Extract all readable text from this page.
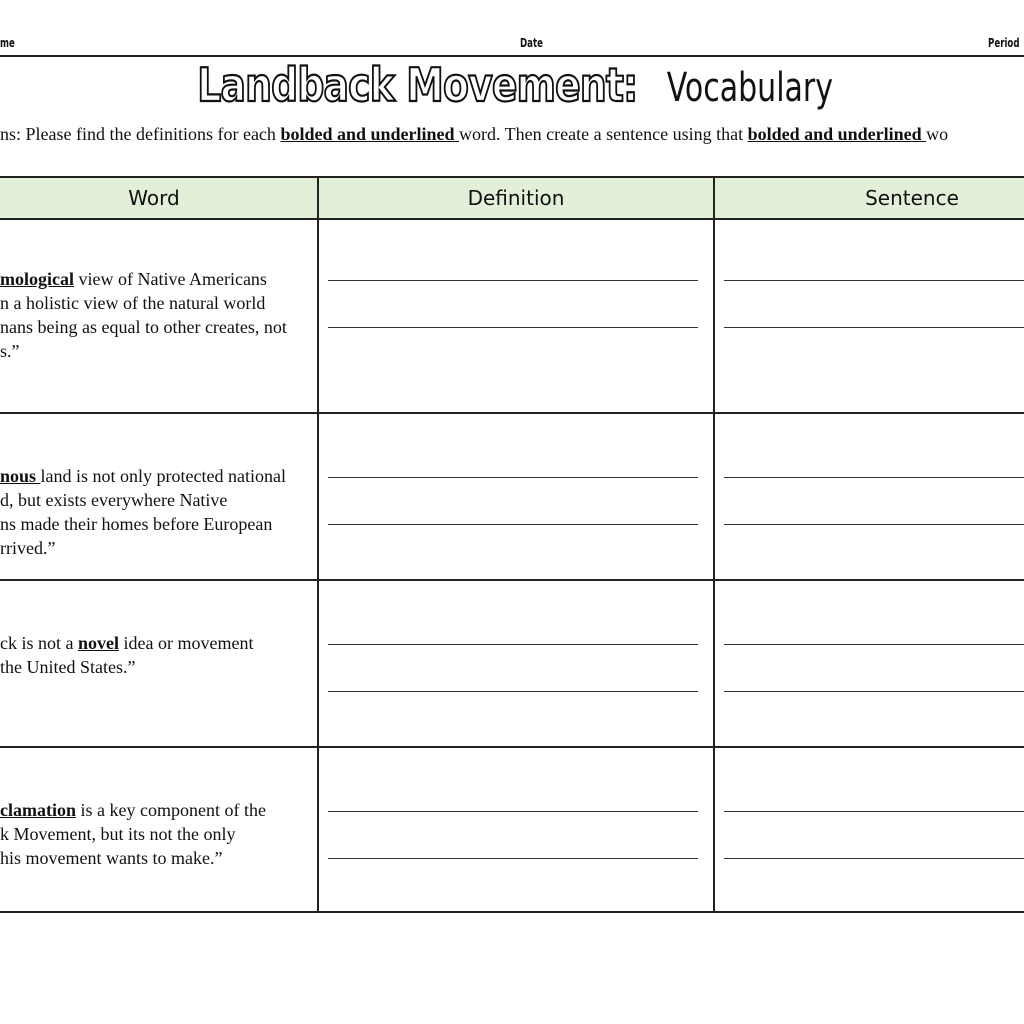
me	Date	Period
Landback Movement: Vocabulary
ns: Please find the definitions for each bolded and underlined word. Then create a sentence using that bolded and underlined wo
Word	Definition	Sentence
mological view of Native Americans
n a holistic view of the natural world
nans being as equal to other creates, not
s.”
nous land is not only protected national
d, but exists everywhere Native
ns made their homes before European
rrived.”
ck is not a novel idea or movement
the United States.”
clamation is a key component of the
k Movement, but its not the only
his movement wants to make.”
